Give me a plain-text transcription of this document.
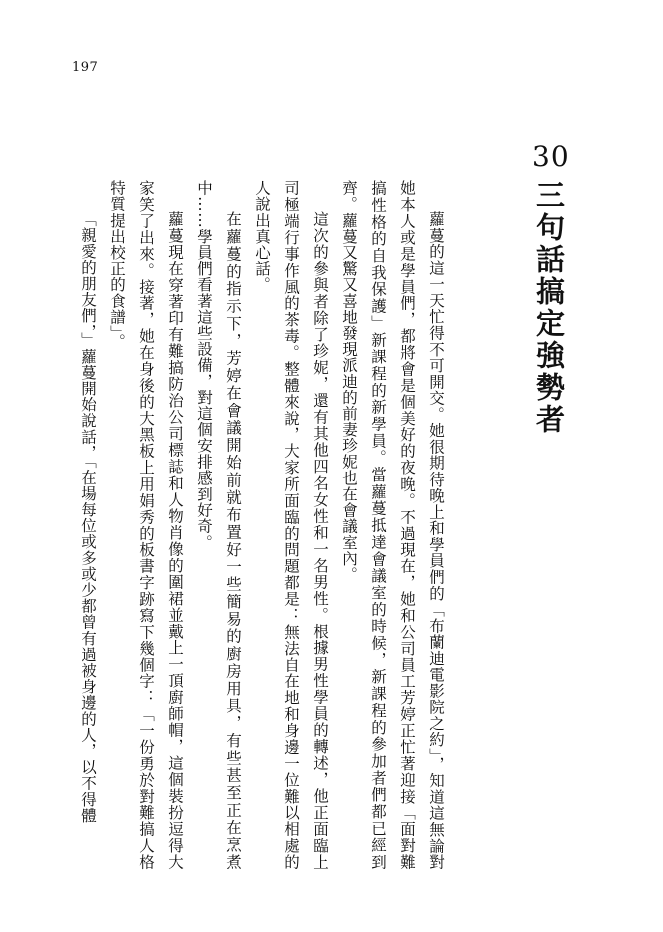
197
30
三句話搞定強勢者

蘿蔓的這一天忙得不可開交。她很期待晚上和學員們的「布蘭迪電影院之約」，知道這無論對她本人或是學員們，都將會是個美好的夜晚。不過現在，她和公司員工芳婷正忙著迎接「面對難搞性格的自我保護」新課程的新學員。當蘿蔓抵達會議室的時候，新課程的參加者們都已經到齊。蘿蔓又驚又喜地發現派迪的前妻珍妮也在會議室內。

這次的參與者除了珍妮，還有其他四名女性和一名男性。根據男性學員的轉述，他正面臨上司極端行事作風的茶毒。整體來說，大家所面臨的問題都是：無法自在地和身邊一位難以相處的人說出真心話。

在蘿蔓的指示下，芳婷在會議開始前就布置好一些簡易的廚房用具，有些甚至正在烹煮中……學員們看著這些設備，對這個安排感到好奇。

蘿蔓現在穿著印有難搞防治公司標誌和人物肖像的圍裙並戴上一頂廚師帽，這個裝扮逗得大家笑了出來。接著，她在身後的大黑板上用娟秀的板書字跡寫下幾個字：「一份勇於對難搞人格特質提出校正的食譜」。

「親愛的朋友們，」蘿蔓開始說話，「在場每位或多或少都曾有過被身邊的人，以不得體
